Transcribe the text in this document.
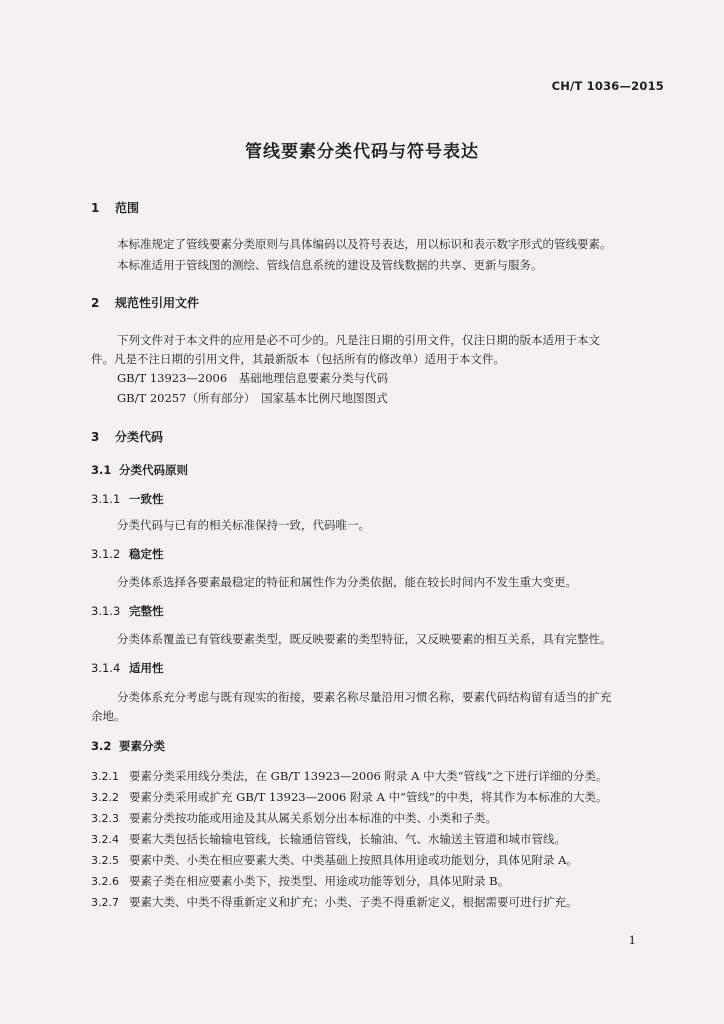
CH/T 1036—2015
管线要素分类代码与符号表达
1 范围
本标准规定了管线要素分类原则与具体编码以及符号表达，用以标识和表示数字形式的管线要素。
本标准适用于管线图的测绘、管线信息系统的建设及管线数据的共享、更新与服务。
2 规范性引用文件
下列文件对于本文件的应用是必不可少的。凡是注日期的引用文件，仅注日期的版本适用于本文
件。凡是不注日期的引用文件，其最新版本（包括所有的修改单）适用于本文件。
GB/T 13923—2006　基础地理信息要素分类与代码
GB/T 20257（所有部分）　国家基本比例尺地图图式
3 分类代码
3.1 分类代码原则
3.1.1 一致性
分类代码与已有的相关标准保持一致，代码唯一。
3.1.2 稳定性
分类体系选择各要素最稳定的特征和属性作为分类依据，能在较长时间内不发生重大变更。
3.1.3 完整性
分类体系覆盖已有管线要素类型，既反映要素的类型特征，又反映要素的相互关系，具有完整性。
3.1.4 适用性
分类体系充分考虑与既有现实的衔接，要素名称尽量沿用习惯名称，要素代码结构留有适当的扩充
余地。
3.2 要素分类
3.2.1 要素分类采用线分类法，在 GB/T 13923—2006 附录 A 中大类“管线”之下进行详细的分类。
3.2.2 要素分类采用或扩充 GB/T 13923—2006 附录 A 中“管线”的中类，将其作为本标准的大类。
3.2.3 要素分类按功能或用途及其从属关系划分出本标准的中类、小类和子类。
3.2.4 要素大类包括长输输电管线，长输通信管线，长输油、气、水输送主管道和城市管线。
3.2.5 要素中类、小类在相应要素大类、中类基础上按照具体用途或功能划分，具体见附录 A。
3.2.6 要素子类在相应要素小类下，按类型、用途或功能等划分，具体见附录 B。
3.2.7 要素大类、中类不得重新定义和扩充；小类、子类不得重新定义，根据需要可进行扩充。
1
